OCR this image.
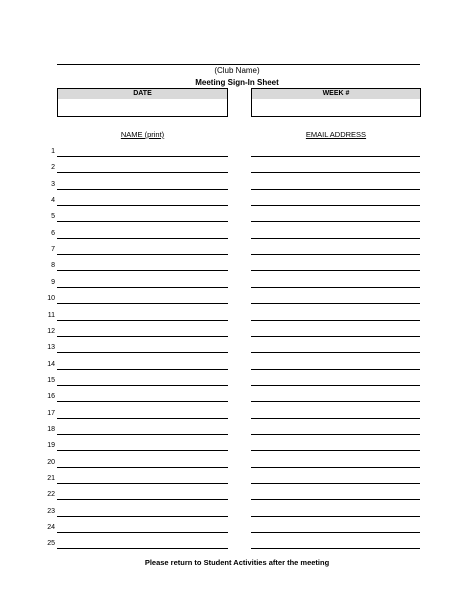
(Club Name)
Meeting Sign-In Sheet
DATE	WEEK #
NAME (print)	EMAIL ADDRESS
1
2
3
4
5
6
7
8
9
10
11
12
13
14
15
16
17
18
19
20
21
22
23
24
25
Please return to Student Activities after the meeting
